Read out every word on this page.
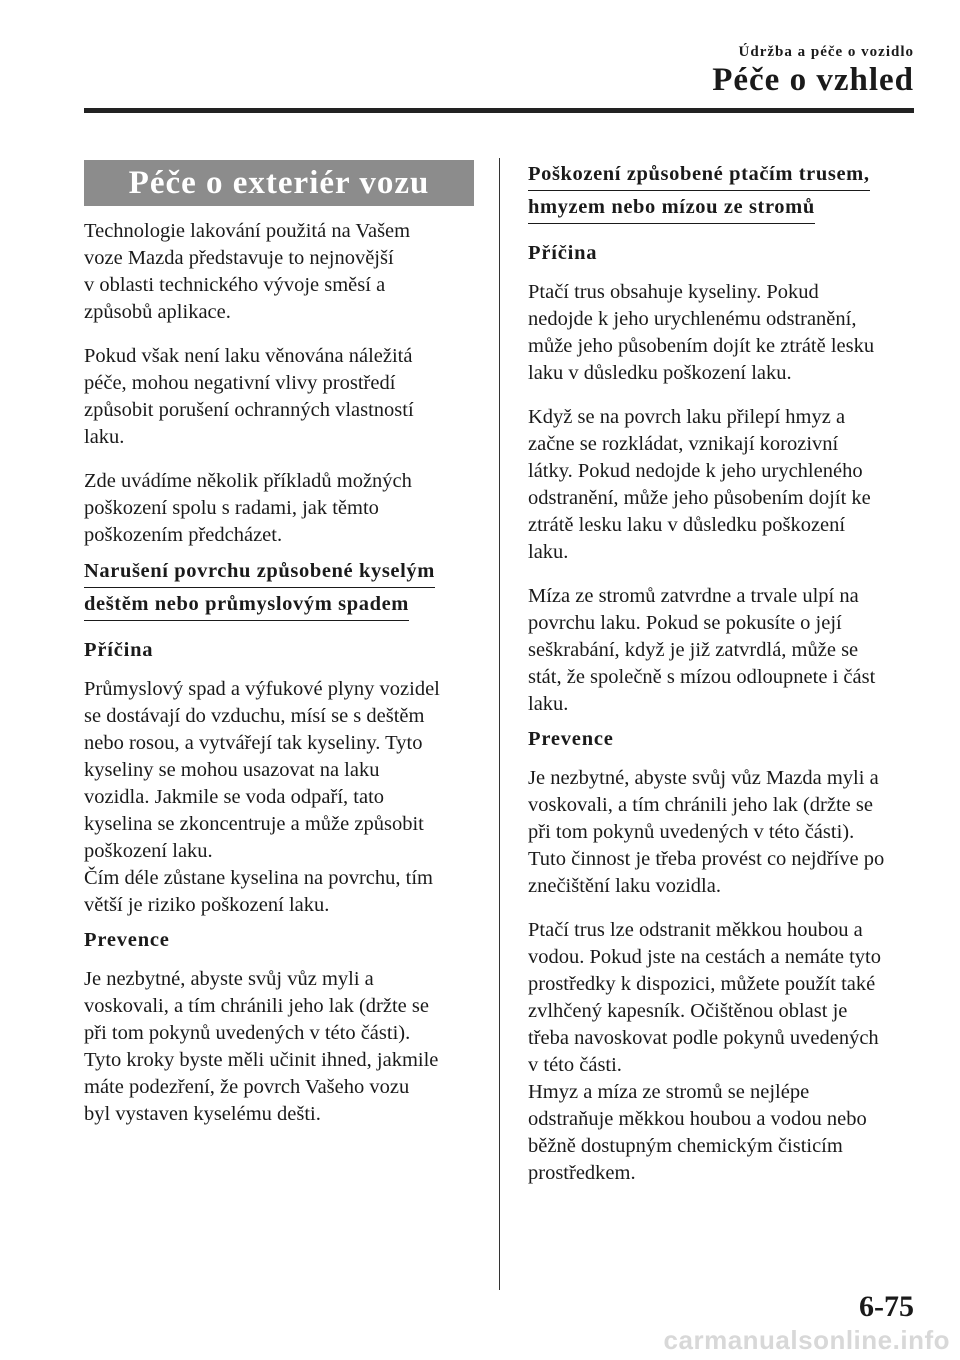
Údržba a péče o vozidlo
Péče o vzhled
Péče o exteriér vozu

Technologie lakování použitá na Vašem
voze Mazda představuje to nejnovější
v oblasti technického vývoje směsí a
způsobů aplikace.

Pokud však není laku věnována náležitá
péče, mohou negativní vlivy prostředí
způsobit porušení ochranných vlastností
laku.

Zde uvádíme několik příkladů možných
poškození spolu s radami, jak těmto
poškozením předcházet.

Narušení povrchu způsobené kyselým
deštěm nebo průmyslovým spadem
Příčina

Průmyslový spad a výfukové plyny vozidel
se dostávají do vzduchu, mísí se s deštěm
nebo rosou, a vytvářejí tak kyseliny. Tyto
kyseliny se mohou usazovat na laku
vozidla. Jakmile se voda odpaří, tato
kyselina se zkoncentruje a může způsobit
poškození laku.
Čím déle zůstane kyselina na povrchu, tím
větší je riziko poškození laku.

Prevence

Je nezbytné, abyste svůj vůz myli a
voskovali, a tím chránili jeho lak (držte se
při tom pokynů uvedených v této části).
Tyto kroky byste měli učinit ihned, jakmile
máte podezření, že povrch Vašeho vozu
byl vystaven kyselému dešti.

Poškození způsobené ptačím trusem,
hmyzem nebo mízou ze stromů
Příčina

Ptačí trus obsahuje kyseliny. Pokud
nedojde k jeho urychlenému odstranění,
může jeho působením dojít ke ztrátě lesku
laku v důsledku poškození laku.

Když se na povrch laku přilepí hmyz a
začne se rozkládat, vznikají korozivní
látky. Pokud nedojde k jeho urychleného
odstranění, může jeho působením dojít ke
ztrátě lesku laku v důsledku poškození
laku.

Míza ze stromů zatvrdne a trvale ulpí na
povrchu laku. Pokud se pokusíte o její
seškrabání, když je již zatvrdlá, může se
stát, že společně s mízou odloupnete i část
laku.

Prevence

Je nezbytné, abyste svůj vůz Mazda myli a
voskovali, a tím chránili jeho lak (držte se
při tom pokynů uvedených v této části).
Tuto činnost je třeba provést co nejdříve po
znečištění laku vozidla.

Ptačí trus lze odstranit měkkou houbou a
vodou. Pokud jste na cestách a nemáte tyto
prostředky k dispozici, můžete použít také
zvlhčený kapesník. Očištěnou oblast je
třeba navoskovat podle pokynů uvedených
v této části.
Hmyz a míza ze stromů se nejlépe
odstraňuje měkkou houbou a vodou nebo
běžně dostupným chemickým čisticím
prostředkem.

6-75
carmanualsonline.info
